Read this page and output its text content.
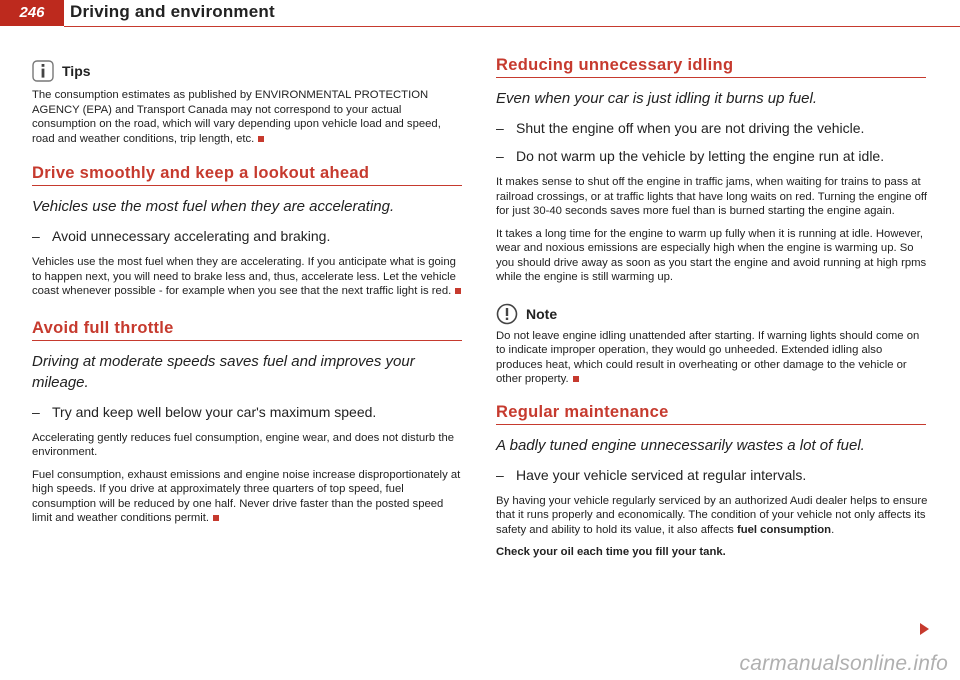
246	Driving and environment
Tips

The consumption estimates as published by ENVIRONMENTAL PROTECTION AGENCY (EPA) and Transport Canada may not correspond to your actual consumption on the road, which will vary depending upon vehicle load and speed, road and weather conditions, trip length, etc.

Drive smoothly and keep a lookout ahead

Vehicles use the most fuel when they are accelerating.

– Avoid unnecessary accelerating and braking.

Vehicles use the most fuel when they are accelerating. If you anticipate what is going to happen next, you will need to brake less and, thus, accelerate less. Let the vehicle coast whenever possible - for example when you see that the next traffic light is red.

Avoid full throttle

Driving at moderate speeds saves fuel and improves your mileage.

– Try and keep well below your car's maximum speed.

Accelerating gently reduces fuel consumption, engine wear, and does not disturb the environment.

Fuel consumption, exhaust emissions and engine noise increase disproportionately at high speeds. If you drive at approximately three quarters of top speed, fuel consumption will be reduced by one half. Never drive faster than the posted speed limit and weather conditions permit.

Reducing unnecessary idling

Even when your car is just idling it burns up fuel.

– Shut the engine off when you are not driving the vehicle.

– Do not warm up the vehicle by letting the engine run at idle.

It makes sense to shut off the engine in traffic jams, when waiting for trains to pass at railroad crossings, or at traffic lights that have long waits on red. Turning the engine off for just 30-40 seconds saves more fuel than is burned starting the engine again.

It takes a long time for the engine to warm up fully when it is running at idle. However, wear and noxious emissions are especially high when the engine is warming up. So you should drive away as soon as you start the engine and avoid running at high rpms while the engine is still warming up.

Note

Do not leave engine idling unattended after starting. If warning lights should come on to indicate improper operation, they would go unheeded. Extended idling also produces heat, which could result in overheating or other damage to the vehicle or other property.

Regular maintenance

A badly tuned engine unnecessarily wastes a lot of fuel.

– Have your vehicle serviced at regular intervals.

By having your vehicle regularly serviced by an authorized Audi dealer helps to ensure that it runs properly and economically. The condition of your vehicle not only affects its safety and ability to hold its value, it also affects fuel consumption.

Check your oil each time you fill your tank.

carmanualsonline.info
